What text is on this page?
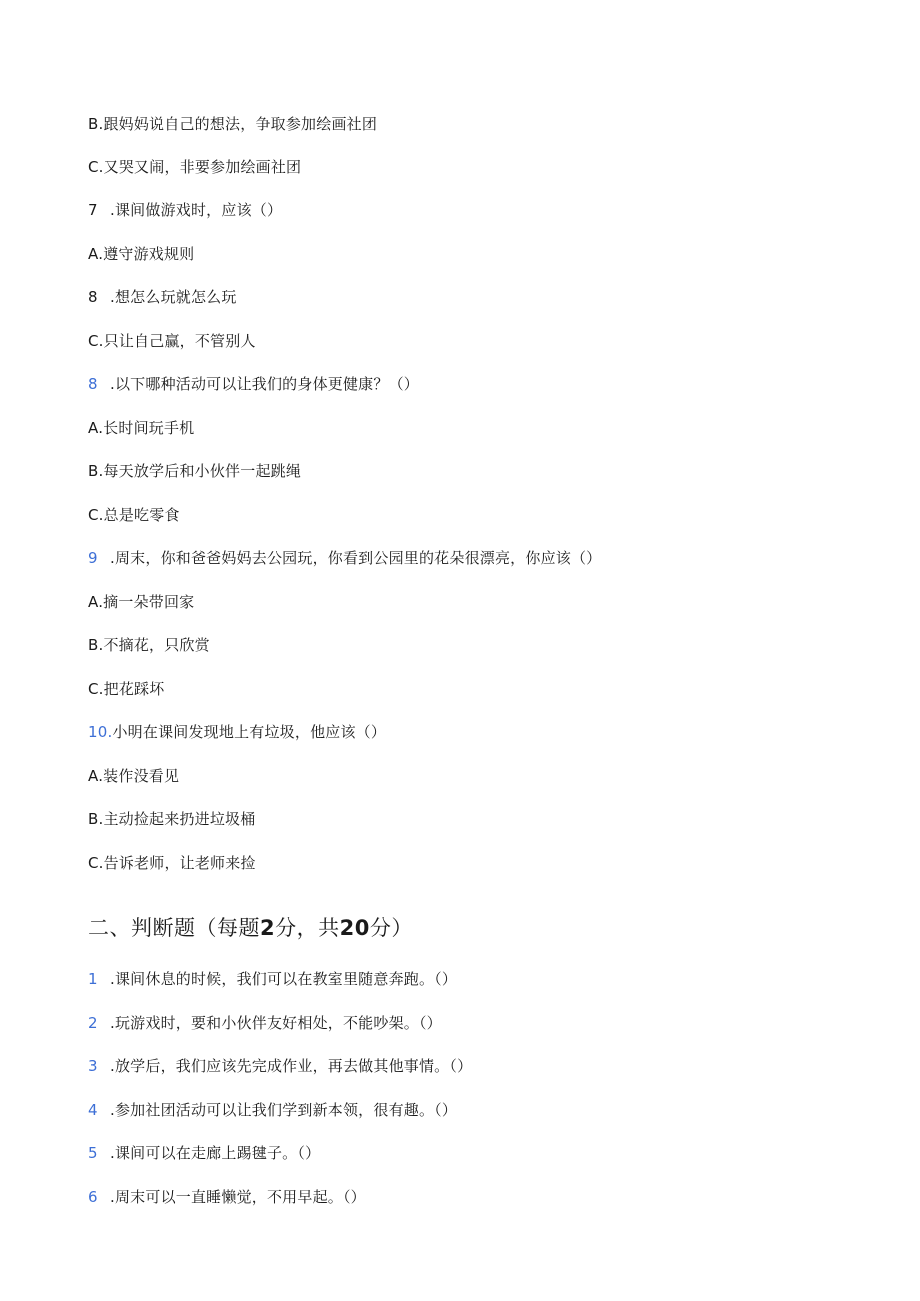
B.跟妈妈说自己的想法，争取参加绘画社团
C.又哭又闹，非要参加绘画社团
7 .课间做游戏时，应该（）
A.遵守游戏规则
8 .想怎么玩就怎么玩
C.只让自己赢，不管别人
8 .以下哪种活动可以让我们的身体更健康？（）
A.长时间玩手机
B.每天放学后和小伙伴一起跳绳
C.总是吃零食
9 .周末，你和爸爸妈妈去公园玩，你看到公园里的花朵很漂亮，你应该（）
A.摘一朵带回家
B.不摘花，只欣赏
C.把花踩坏
10.小明在课间发现地上有垃圾，他应该（）
A.装作没看见
B.主动捡起来扔进垃圾桶
C.告诉老师，让老师来捡
二、判断题（每题2分，共20分）
1 .课间休息的时候，我们可以在教室里随意奔跑。（）
2 .玩游戏时，要和小伙伴友好相处，不能吵架。（）
3 .放学后，我们应该先完成作业，再去做其他事情。（）
4 .参加社团活动可以让我们学到新本领，很有趣。（）
5 .课间可以在走廊上踢毽子。（）
6 .周末可以一直睡懒觉，不用早起。（）
